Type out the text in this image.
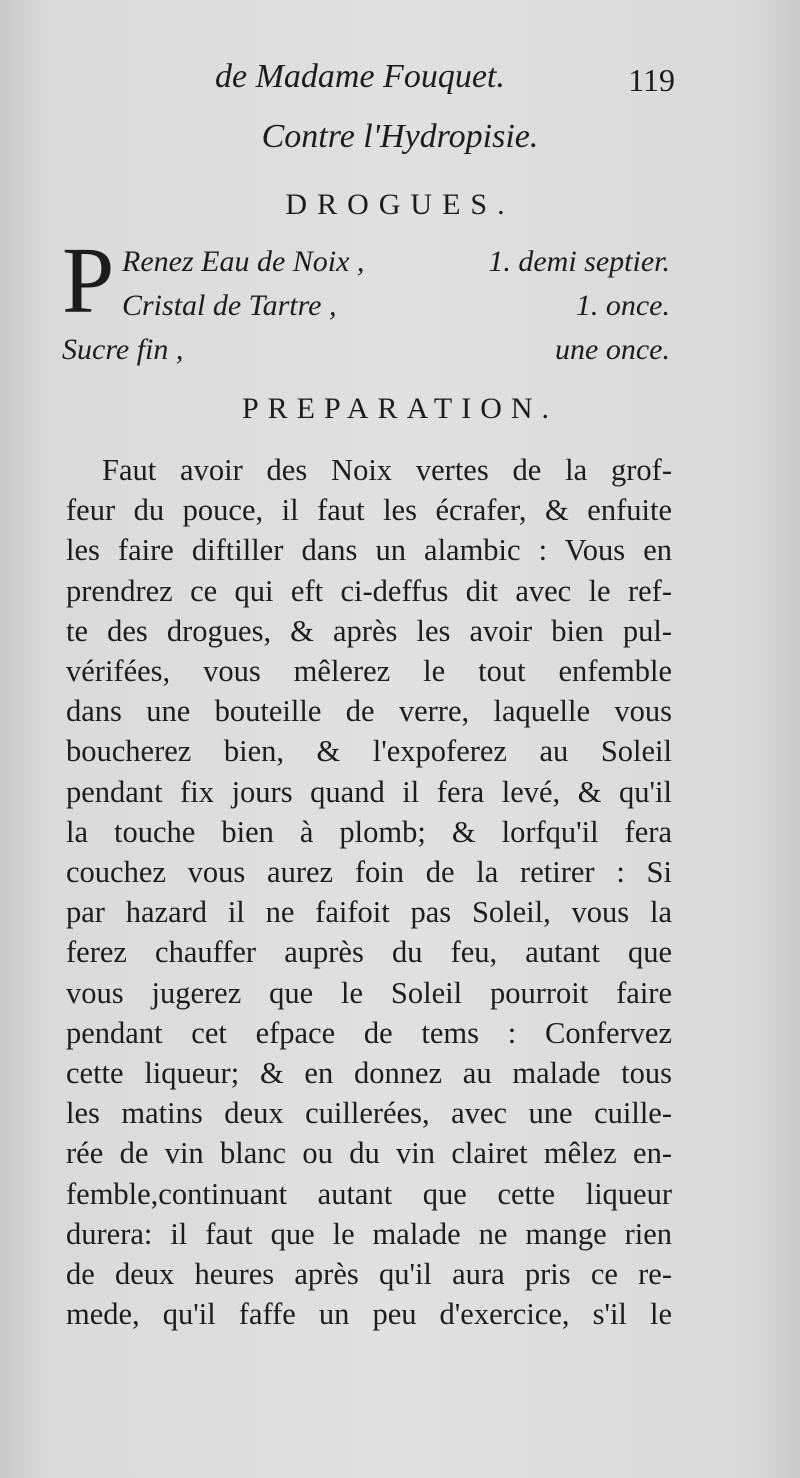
de Madame Fouquet.	119
Contre l'Hydropisie.
DROGUES.
P Renez Eau de Noix ,	1. demi septier.
Cristal de Tartre ,	1. once.
Sucre fin ,	une once.
PREPARATION.
Faut avoir des Noix vertes de la grof-
feur du pouce, il faut les écrafer, & enfuite
les faire diftiller dans un alambic : Vous en
prendrez ce qui eft ci-deffus dit avec le ref-
te des drogues, & après les avoir bien pul-
vérifées, vous mêlerez le tout enfemble
dans une bouteille de verre, laquelle vous
boucherez bien, & l'expoferez au Soleil
pendant fix jours quand il fera levé, & qu'il
la touche bien à plomb; & lorfqu'il fera
couchez vous aurez foin de la retirer : Si
par hazard il ne faifoit pas Soleil, vous la
ferez chauffer auprès du feu, autant que
vous jugerez que le Soleil pourroit faire
pendant cet efpace de tems : Confervez
cette liqueur; & en donnez au malade tous
les matins deux cuillerées, avec une cuille-
rée de vin blanc ou du vin clairet mêlez en-
femble,continuant autant que cette liqueur
durera: il faut que le malade ne mange rien
de deux heures après qu'il aura pris ce re-
mede, qu'il faffe un peu d'exercice, s'il le
